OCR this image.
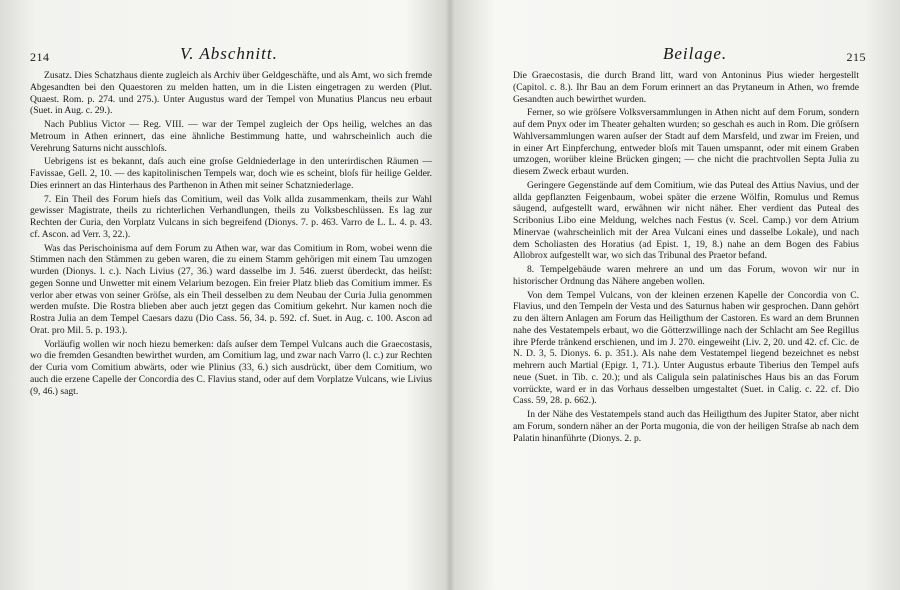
214	V. Abschnitt.

Zusatz. Dies Schatzhaus diente zugleich als Archiv über Geldgeschäfte, und als Amt, wo sich fremde Abgesandten bei den Quaestoren zu melden hatten, um in die Listen eingetragen zu werden (Plut. Quaest. Rom. p. 274. und 275.). Unter Augustus ward der Tempel von Munatius Plancus neu erbaut (Suet. in Aug. c. 29.).

Nach Publius Victor — Reg. VIII. — war der Tempel zugleich der Ops heilig, welches an das Metroum in Athen erinnert, das eine ähnliche Bestimmung hatte, und wahrscheinlich auch die Verehrung Saturns nicht ausschloſs.

Uebrigens ist es bekannt, daſs auch eine groſse Geldniederlage in den unterirdischen Räumen — Favissae, Gell. 2, 10. — des kapitolinischen Tempels war, doch wie es scheint, bloſs für heilige Gelder. Dies erinnert an das Hinterhaus des Parthenon in Athen mit seiner Schatzniederlage.

7. Ein Theil des Forum hieſs das Comitium, weil das Volk allda zusammenkam, theils zur Wahl gewisser Magistrate, theils zu richterlichen Verhandlungen, theils zu Volksbeschlüssen. Es lag zur Rechten der Curia, den Vorplatz Vulcans in sich begreifend (Dionys. 7. p. 463. Varro de L. L. 4. p. 43. cf. Ascon. ad Verr. 3, 22.).

Was das Perischoinisma auf dem Forum zu Athen war, war das Comitium in Rom, wobei wenn die Stimmen nach den Stämmen zu geben waren, die zu einem Stamm gehörigen mit einem Tau umzogen wurden (Dionys. l. c.). Nach Livius (27, 36.) ward dasselbe im J. 546. zuerst überdeckt, das heiſst: gegen Sonne und Unwetter mit einem Velarium bezogen. Ein freier Platz blieb das Comitium immer. Es verlor aber etwas von seiner Gröſse, als ein Theil desselben zu dem Neubau der Curia Julia genommen werden muſste. Die Rostra blieben aber auch jetzt gegen das Comitium gekehrt. Nur kamen noch die Rostra Julia an dem Tempel Caesars dazu (Dio Cass. 56, 34. p. 592. cf. Suet. in Aug. c. 100. Ascon ad Orat. pro Mil. 5. p. 193.).

Vorläufig wollen wir noch hiezu bemerken: daſs auſser dem Tempel Vulcans auch die Graecostasis, wo die fremden Gesandten bewirthet wurden, am Comitium lag, und zwar nach Varro (l. c.) zur Rechten der Curia vom Comitium abwärts, oder wie Plinius (33, 6.) sich ausdrückt, über dem Comitium, wo auch die erzene Capelle der Concordia des C. Flavius stand, oder auf dem Vorplatze Vulcans, wie Livius (9, 46.) sagt.

Beilage.	215

Die Graecostasis, die durch Brand litt, ward von Antoninus Pius wieder hergestellt (Capitol. c. 8.). Ihr Bau an dem Forum erinnert an das Prytaneum in Athen, wo fremde Gesandten auch bewirthet wurden.

Ferner, so wie gröſsere Volksversammlungen in Athen nicht auf dem Forum, sondern auf dem Pnyx oder im Theater gehalten wurden; so geschah es auch in Rom. Die gröſsern Wahlversammlungen waren auſser der Stadt auf dem Marsfeld, und zwar im Freien, und in einer Art Einpferchung, entweder bloſs mit Tauen umspannt, oder mit einem Graben umzogen, worüber kleine Brücken gingen; — che nicht die prachtvollen Septa Julia zu diesem Zweck erbaut wurden.

Geringere Gegenstände auf dem Comitium, wie das Puteal des Attius Navius, und der allda gepflanzten Feigenbaum, wobei später die erzene Wölfin, Romulus und Remus säugend, aufgestellt ward, erwähnen wir nicht näher. Eher verdient das Puteal des Scribonius Libo eine Meldung, welches nach Festus (v. Scel. Camp.) vor dem Atrium Minervae (wahrscheinlich mit der Area Vulcani eines und dasselbe Lokale), und nach dem Scholiasten des Horatius (ad Epist. 1, 19, 8.) nahe an dem Bogen des Fabius Allobrox aufgestellt war, wo sich das Tribunal des Praetor befand.

8. Tempelgebäude waren mehrere an und um das Forum, wovon wir nur in historischer Ordnung das Nähere angeben wollen.

Von dem Tempel Vulcans, von der kleinen erzenen Kapelle der Concordia von C. Flavius, und den Tempeln der Vesta und des Saturnus haben wir gesprochen. Dann gehört zu den ältern Anlagen am Forum das Heiligthum der Castoren. Es ward an dem Brunnen nahe des Vestatempels erbaut, wo die Götterzwillinge nach der Schlacht am See Regillus ihre Pferde tränkend erschienen, und im J. 270. eingeweiht (Liv. 2, 20. und 42. cf. Cic. de N. D. 3, 5. Dionys. 6. p. 351.). Als nahe dem Vestatempel liegend bezeichnet es nebst mehrern auch Martial (Epigr. 1, 71.). Unter Augustus erbaute Tiberius den Tempel aufs neue (Suet. in Tib. c. 20.); und als Caligula sein palatinisches Haus bis an das Forum vorrückte, ward er in das Vorhaus desselben umgestaltet (Suet. in Calig. c. 22. cf. Dio Cass. 59, 28. p. 662.).

In der Nähe des Vestatempels stand auch das Heiligthum des Jupiter Stator, aber nicht am Forum, sondern näher an der Porta mugonia, die von der heiligen Straſse ab nach dem Palatin hinanführte (Dionys. 2. p.
